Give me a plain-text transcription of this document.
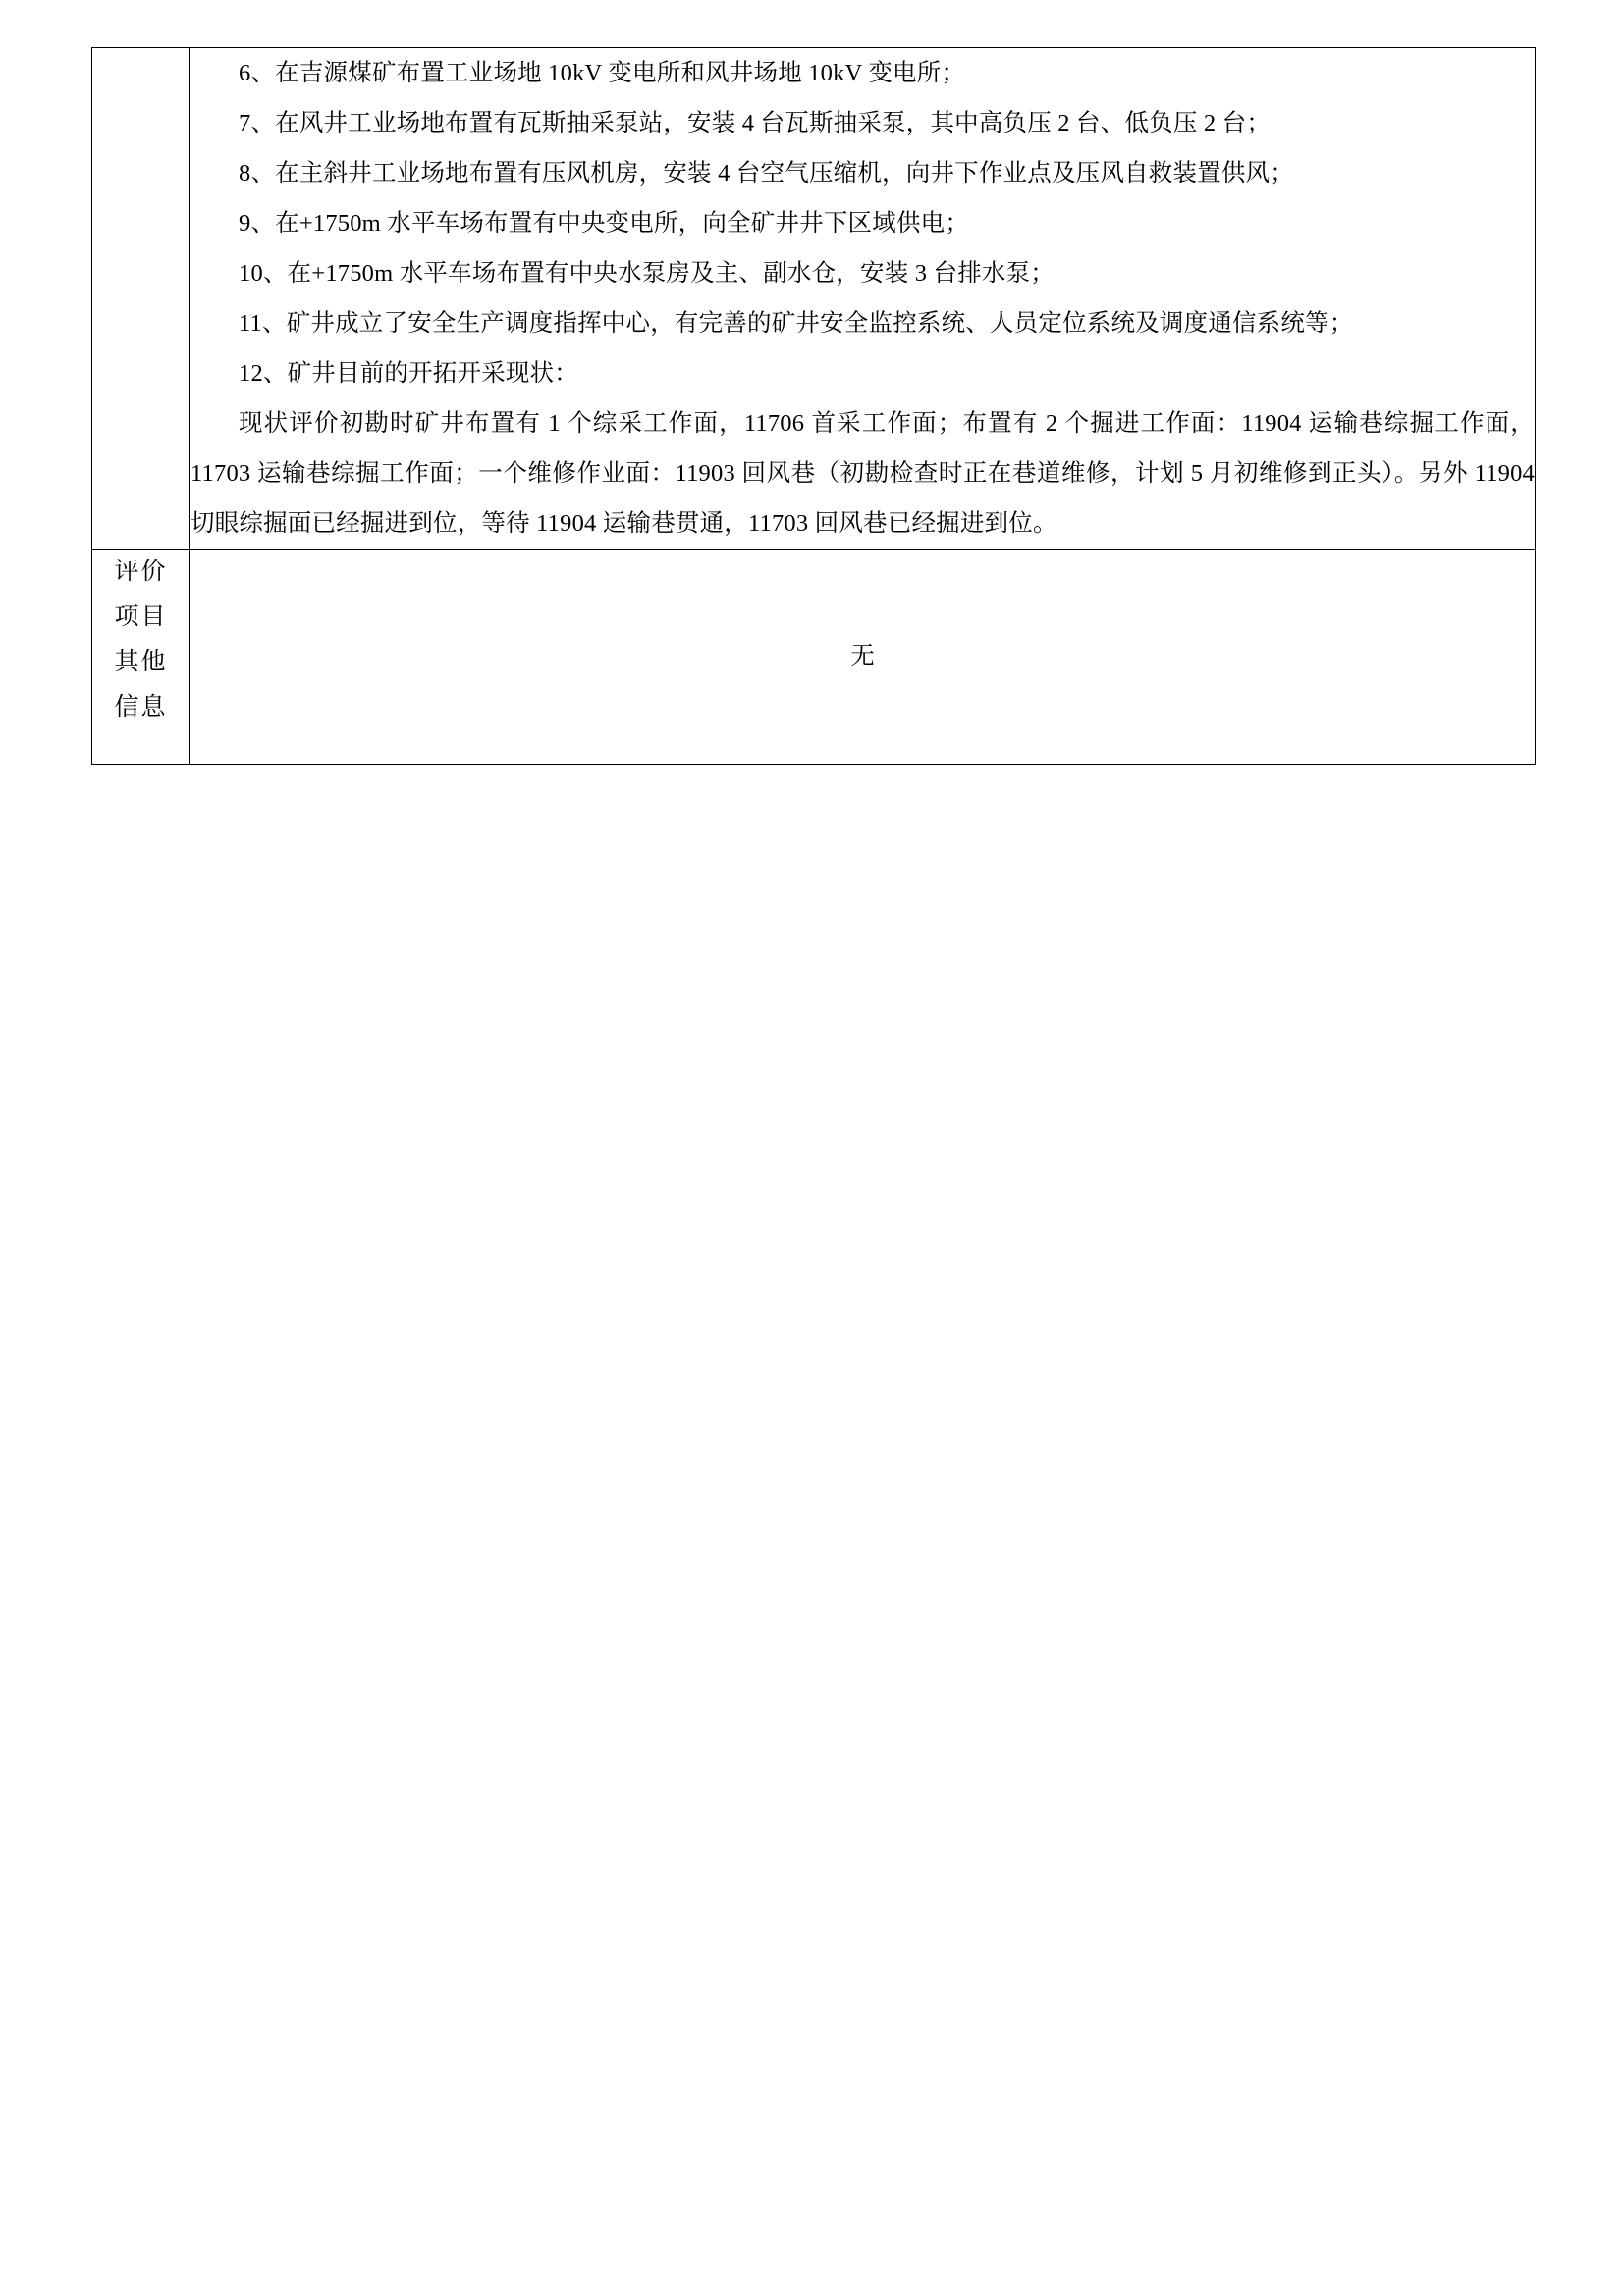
6、在吉源煤矿布置工业场地 10kV 变电所和风井场地 10kV 变电所；

7、在风井工业场地布置有瓦斯抽采泵站，安装 4 台瓦斯抽采泵，其中高负压 2 台、低负压 2 台；

8、在主斜井工业场地布置有压风机房，安装 4 台空气压缩机，向井下作业点及压风自救装置供风；

9、在+1750m 水平车场布置有中央变电所，向全矿井井下区域供电；

10、在+1750m 水平车场布置有中央水泵房及主、副水仓，安装 3 台排水泵；

11、矿井成立了安全生产调度指挥中心，有完善的矿井安全监控系统、人员定位系统及调度通信系统等；

12、矿井目前的开拓开采现状：

现状评价初勘时矿井布置有 1 个综采工作面，11706 首采工作面；布置有 2 个掘进工作面：11904 运输巷综掘工作面，11703 运输巷综掘工作面；一个维修作业面：11903 回风巷（初勘检查时正在巷道维修，计划 5 月初维修到正头）。另外 11904 切眼综掘面已经掘进到位，等待 11904 运输巷贯通，11703 回风巷已经掘进到位。

评价
项目
其他
信息	无
